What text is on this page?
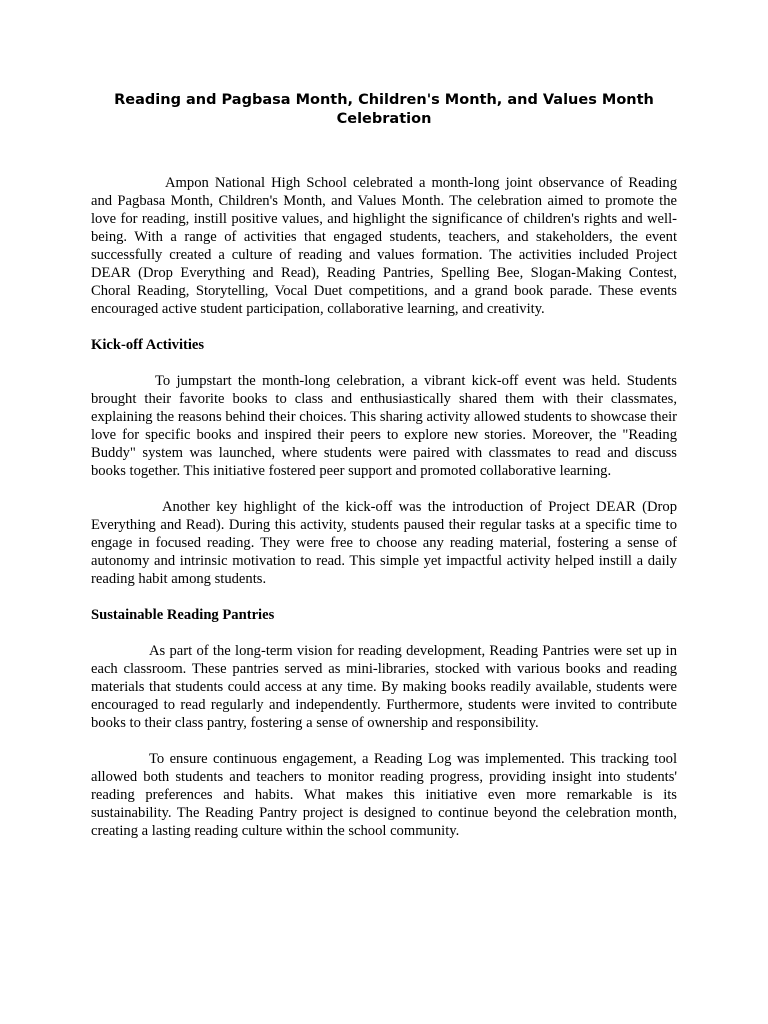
Reading and Pagbasa Month, Children's Month, and Values Month Celebration

Ampon National High School celebrated a month-long joint observance of Reading and Pagbasa Month, Children's Month, and Values Month. The celebration aimed to promote the love for reading, instill positive values, and highlight the significance of children's rights and well-being. With a range of activities that engaged students, teachers, and stakeholders, the event successfully created a culture of reading and values formation. The activities included Project DEAR (Drop Everything and Read), Reading Pantries, Spelling Bee, Slogan-Making Contest, Choral Reading, Storytelling, Vocal Duet competitions, and a grand book parade. These events encouraged active student participation, collaborative learning, and creativity.

Kick-off Activities

To jumpstart the month-long celebration, a vibrant kick-off event was held. Students brought their favorite books to class and enthusiastically shared them with their classmates, explaining the reasons behind their choices. This sharing activity allowed students to showcase their love for specific books and inspired their peers to explore new stories. Moreover, the "Reading Buddy" system was launched, where students were paired with classmates to read and discuss books together. This initiative fostered peer support and promoted collaborative learning.

Another key highlight of the kick-off was the introduction of Project DEAR (Drop Everything and Read). During this activity, students paused their regular tasks at a specific time to engage in focused reading. They were free to choose any reading material, fostering a sense of autonomy and intrinsic motivation to read. This simple yet impactful activity helped instill a daily reading habit among students.

Sustainable Reading Pantries

As part of the long-term vision for reading development, Reading Pantries were set up in each classroom. These pantries served as mini-libraries, stocked with various books and reading materials that students could access at any time. By making books readily available, students were encouraged to read regularly and independently. Furthermore, students were invited to contribute books to their class pantry, fostering a sense of ownership and responsibility.

To ensure continuous engagement, a Reading Log was implemented. This tracking tool allowed both students and teachers to monitor reading progress, providing insight into students' reading preferences and habits. What makes this initiative even more remarkable is its sustainability. The Reading Pantry project is designed to continue beyond the celebration month, creating a lasting reading culture within the school community.
